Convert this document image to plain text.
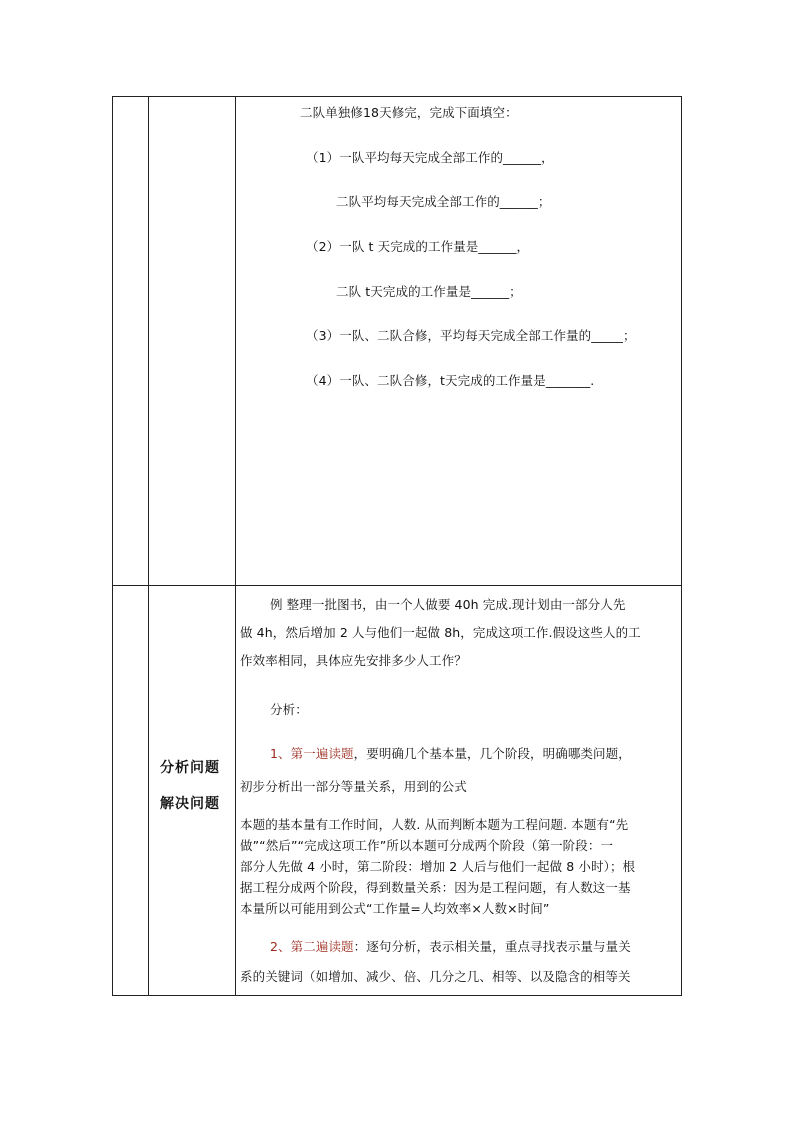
二队单独修18天修完，完成下面填空：
（1）一队平均每天完成全部工作的______，
二队平均每天完成全部工作的______；
（2）一队 t 天完成的工作量是______，
二队 t天完成的工作量是______；
（3）一队、二队合修，平均每天完成全部工作量的_____；
（4）一队、二队合修，t天完成的工作量是_______.
分析问题
解决问题
例 整理一批图书，由一个人做要 40h 完成.现计划由一部分人先
做 4h，然后增加 2 人与他们一起做 8h，完成这项工作.假设这些人的工
作效率相同，具体应先安排多少人工作？
分析：
1、第一遍读题，要明确几个基本量，几个阶段，明确哪类问题，
初步分析出一部分等量关系，用到的公式
本题的基本量有工作时间，人数. 从而判断本题为工程问题. 本题有“先
做”“然后”“完成这项工作”所以本题可分成两个阶段（第一阶段：一
部分人先做 4 小时，第二阶段：增加 2 人后与他们一起做 8 小时）；根
据工程分成两个阶段，得到数量关系：因为是工程问题，有人数这一基
本量所以可能用到公式“工作量=人均效率×人数×时间”
2、第二遍读题：逐句分析，表示相关量，重点寻找表示量与量关
系的关键词（如增加、减少、倍、几分之几、相等、以及隐含的相等关
